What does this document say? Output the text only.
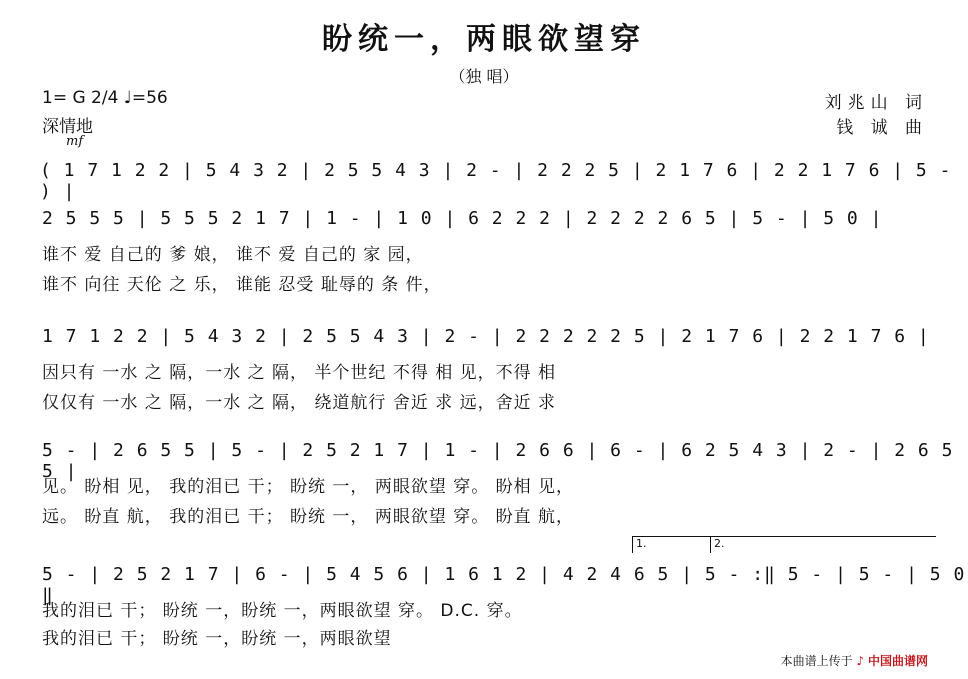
盼统一，两眼欲望穿
（独 唱）
1= G 2/4 ♩=56
深情地
mf
刘兆山 词
钱 诚 曲
( 1 7 1 2 2 | 5 4 3 2 | 2 5 5 4 3 | 2 - | 2 2 2 5 | 2 1 7 6 | 2 2 1 7 6 | 5 - ) |
2 5 5 5 | 5 5 5 2 1 7 | 1 - | 1 0 | 6 2 2 2 | 2 2 2 2 6 5 | 5 - | 5 0 |
谁不 爱 自己的 爹 娘， 谁不 爱 自己的 家 园，
谁不 向往 天伦 之 乐， 谁能 忍受 耻辱的 条 件，
1 7 1 2 2 | 5 4 3 2 | 2 5 5 4 3 | 2 - | 2 2 2 2 2 5 | 2 1 7 6 | 2 2 1 7 6 |
因只有 一水 之 隔，一水 之 隔， 半个世纪 不得 相 见，不得 相
仅仅有 一水 之 隔，一水 之 隔， 绕道航行 舍近 求 远，舍近 求
5 - | 2 6 5 5 | 5 - | 2 5 2 1 7 | 1 - | 2 6 6 | 6 - | 6 2 5 4 3 | 2 - | 2 6 5 5 |
见。 盼相 见， 我的泪已 干； 盼统 一， 两眼欲望 穿。 盼相 见，
远。 盼直 航， 我的泪已 干； 盼统 一， 两眼欲望 穿。 盼直 航，
1.	2.
5 - | 2 5 2 1 7 | 6 - | 5 4 5 6 | 1 6 1 2 | 4 2 4 6 5 | 5 - :‖ 5 - | 5 - | 5 0 ‖
我的泪已 干； 盼统 一，盼统 一，两眼欲望 穿。 D.C. 穿。
我的泪已 干； 盼统 一，盼统 一，两眼欲望
本曲谱上传于 ♪ 中国曲谱网
